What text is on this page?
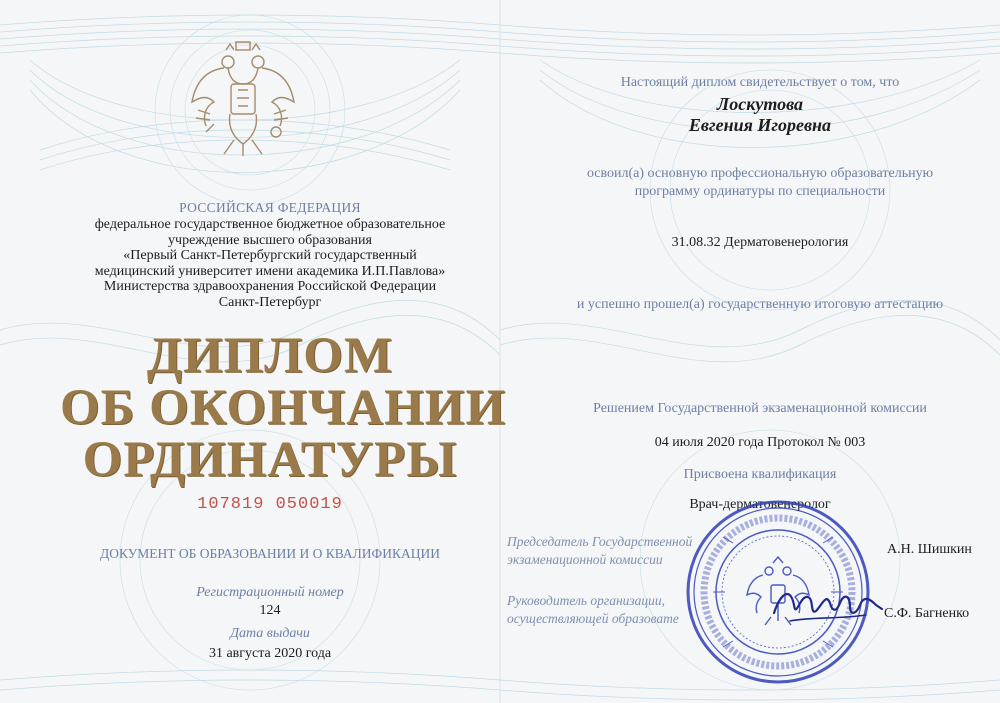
РОССИЙСКАЯ ФЕДЕРАЦИЯ
федеральное государственное бюджетное образовательное
учреждение высшего образования
«Первый Санкт-Петербургский государственный
медицинский университет имени академика И.П.Павлова»
Министерства здравоохранения Российской Федерации
Санкт-Петербург
ДИПЛОМ
ОБ ОКОНЧАНИИ
ОРДИНАТУРЫ
107819 050019
ДОКУМЕНТ ОБ ОБРАЗОВАНИИ И О КВАЛИФИКАЦИИ
Регистрационный номер
124
Дата выдачи
31 августа 2020 года
Настоящий диплом свидетельствует о том, что
Лоскутова
Евгения Игоревна
освоил(а) основную профессиональную образовательную
программу ординатуры по специальности
31.08.32 Дерматовенерология
и успешно прошел(а) государственную итоговую аттестацию
Решением Государственной экзаменационной комиссии
04 июля 2020 года Протокол № 003
Присвоена квалификация
Врач-дерматовенеролог
Председатель Государственной
экзаменационной комиссии
А.Н. Шишкин
Руководитель организации,
осуществляющей образовате	С.Ф. Багненко
